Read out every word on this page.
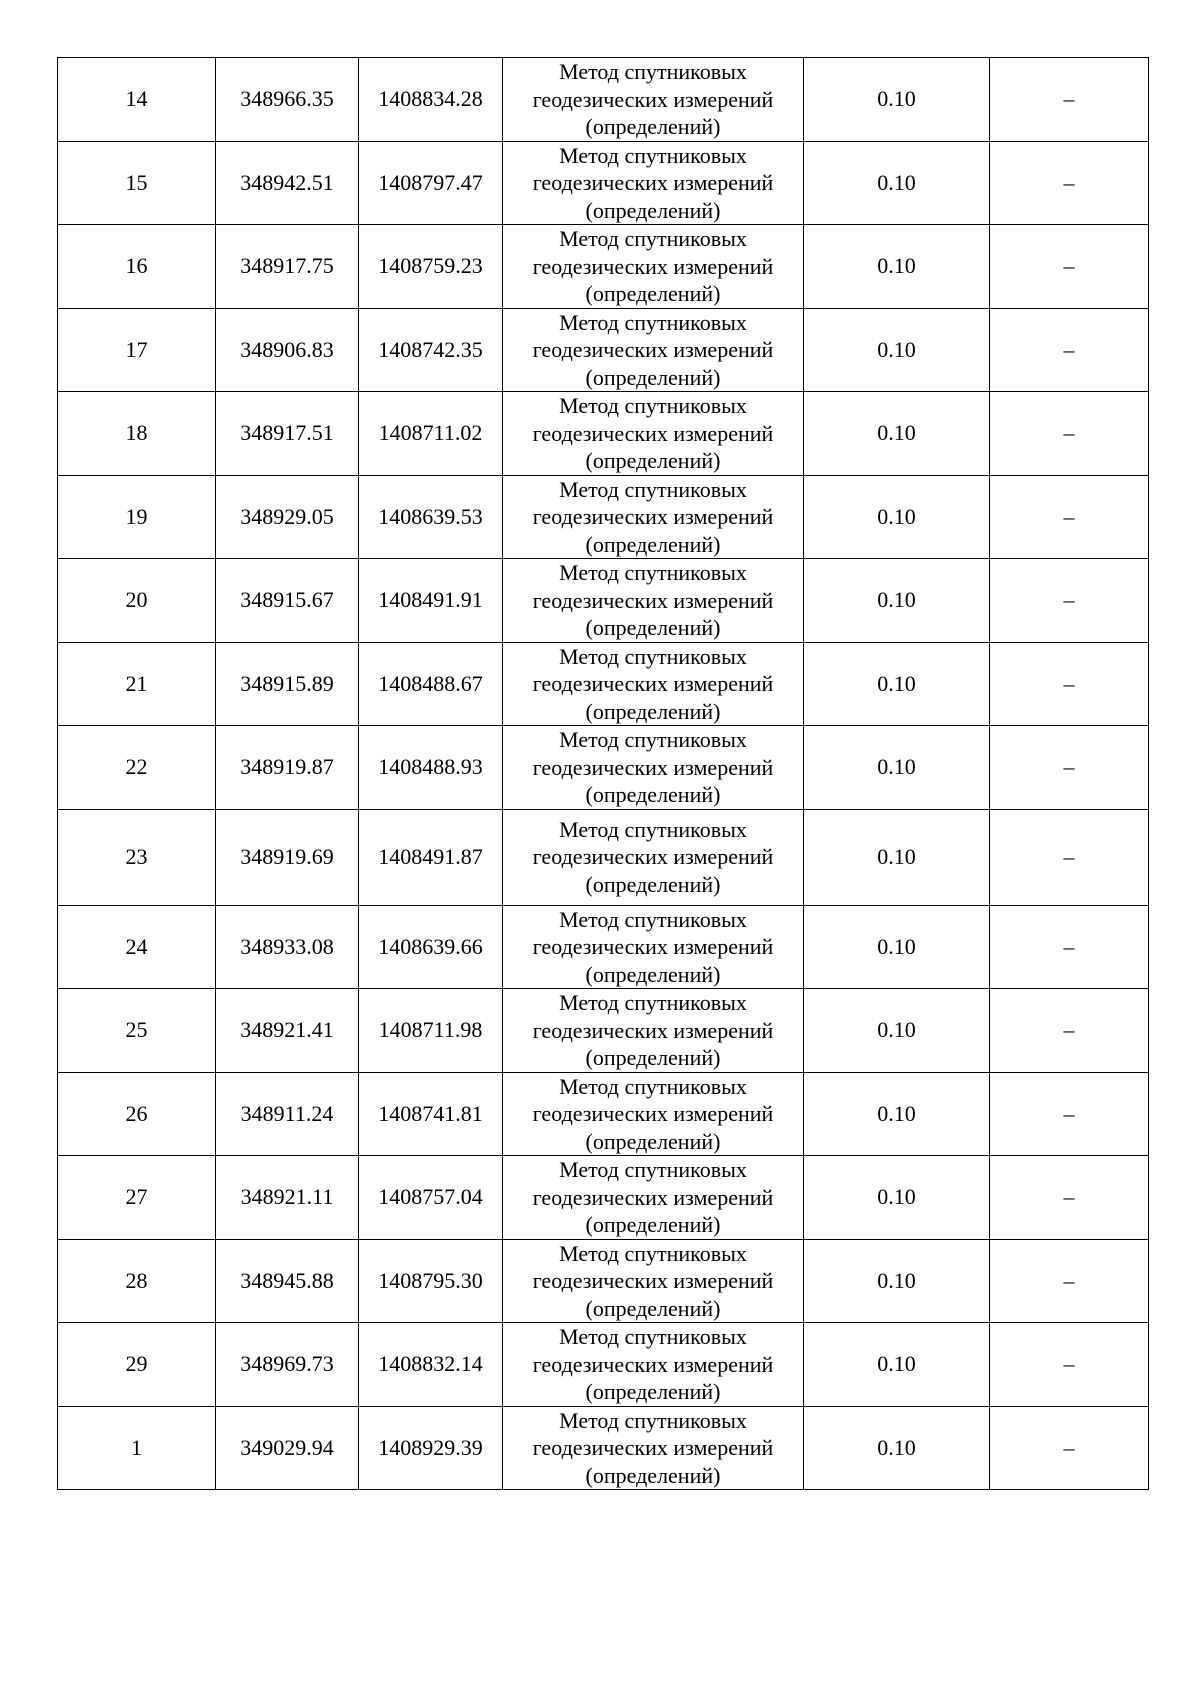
14	348966.35	1408834.28	Метод спутниковых геодезических измерений (определений)	0.10	–
15	348942.51	1408797.47	Метод спутниковых геодезических измерений (определений)	0.10	–
16	348917.75	1408759.23	Метод спутниковых геодезических измерений (определений)	0.10	–
17	348906.83	1408742.35	Метод спутниковых геодезических измерений (определений)	0.10	–
18	348917.51	1408711.02	Метод спутниковых геодезических измерений (определений)	0.10	–
19	348929.05	1408639.53	Метод спутниковых геодезических измерений (определений)	0.10	–
20	348915.67	1408491.91	Метод спутниковых геодезических измерений (определений)	0.10	–
21	348915.89	1408488.67	Метод спутниковых геодезических измерений (определений)	0.10	–
22	348919.87	1408488.93	Метод спутниковых геодезических измерений (определений)	0.10	–
23	348919.69	1408491.87	Метод спутниковых геодезических измерений (определений)	0.10	–
24	348933.08	1408639.66	Метод спутниковых геодезических измерений (определений)	0.10	–
25	348921.41	1408711.98	Метод спутниковых геодезических измерений (определений)	0.10	–
26	348911.24	1408741.81	Метод спутниковых геодезических измерений (определений)	0.10	–
27	348921.11	1408757.04	Метод спутниковых геодезических измерений (определений)	0.10	–
28	348945.88	1408795.30	Метод спутниковых геодезических измерений (определений)	0.10	–
29	348969.73	1408832.14	Метод спутниковых геодезических измерений (определений)	0.10	–
1	349029.94	1408929.39	Метод спутниковых геодезических измерений (определений)	0.10	–
